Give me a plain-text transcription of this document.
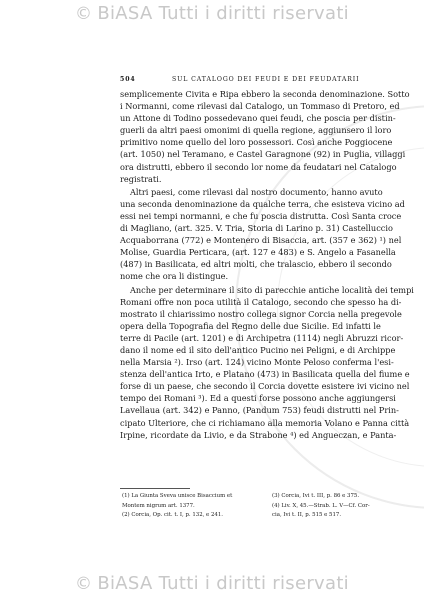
© BiASA Tutti i diritti riservati
504	SUL CATALOGO DEI FEUDI E DEI FEUDATARII

semplicemente Civita e Ripa ebbero la seconda denominazione. Sotto
i Normanni, come rilevasi dal Catalogo, un Tommaso di Pretoro, ed
un Attone di Todino possedevano quei feudi, che poscia per distin-
guerli da altri paesi omonimi di quella regione, aggiunsero il loro
primitivo nome quello del loro possessori. Così anche Poggiocene
(art. 1050) nel Teramano, e Castel Garagnone (92) in Puglia, villaggi
ora distrutti, ebbero il secondo lor nome da feudatari nel Catalogo
registrati.

Altri paesi, come rilevasi dal nostro documento, hanno avuto
una seconda denominazione da qualche terra, che esisteva vicino ad
essi nei tempi normanni, e che fu poscia distrutta. Così Santa croce
di Magliano, (art. 325. V. Tria, Storia di Larino p. 31) Castelluccio
Acquaborrana (772) e Montenero di Bisaccia, art. (357 e 362) ¹) nel
Molise, Guardia Perticara, (art. 127 e 483) e S. Angelo a Fasanella
(487) in Basilicata, ed altri molti, che tralascio, ebbero il secondo
nome che ora li distingue.

Anche per determinare il sito di parecchie antiche località dei tempi
Romani offre non poca utilità il Catalogo, secondo che spesso ha di-
mostrato il chiarissimo nostro collega signor Corcia nella pregevole
opera della Topografia del Regno delle due Sicilie. Ed infatti le
terre di Pacile (art. 1201) e di Archipetra (1114) negli Abruzzi ricor-
dano il nome ed il sito dell'antico Pucino nei Peligni, e di Archippe
nella Marsia ²). Irso (art. 124) vicino Monte Peloso conferma l'esi-
stenza dell'antica Irto, e Platano (473) in Basilicata quella del fiume e
forse di un paese, che secondo il Corcia dovette esistere ivi vicino nel
tempo dei Romani ³). Ed a questi forse possono anche aggiungersi
Lavellaua (art. 342) e Panno, (Pandum 753) feudi distrutti nel Prin-
cipato Ulteriore, che ci richiamano alla memoria Volano e Panna città
Irpine, ricordate da Livio, e da Strabone ⁴) ed Angueczan, e Panta-

(1) La Giunta Sveva unisce Bisaccium et
Montem nigrum art. 1377.
(2) Corcia, Op. cit. t. I, p. 132, e 241.
(3) Corcia, Ivi t. III, p. 86 e 375.
(4) Liv. X, 45.—Strab. L. V—Cf. Cor-
cia, Ivi t. II, p. 515 e 517.
© BiASA Tutti i diritti riservati
